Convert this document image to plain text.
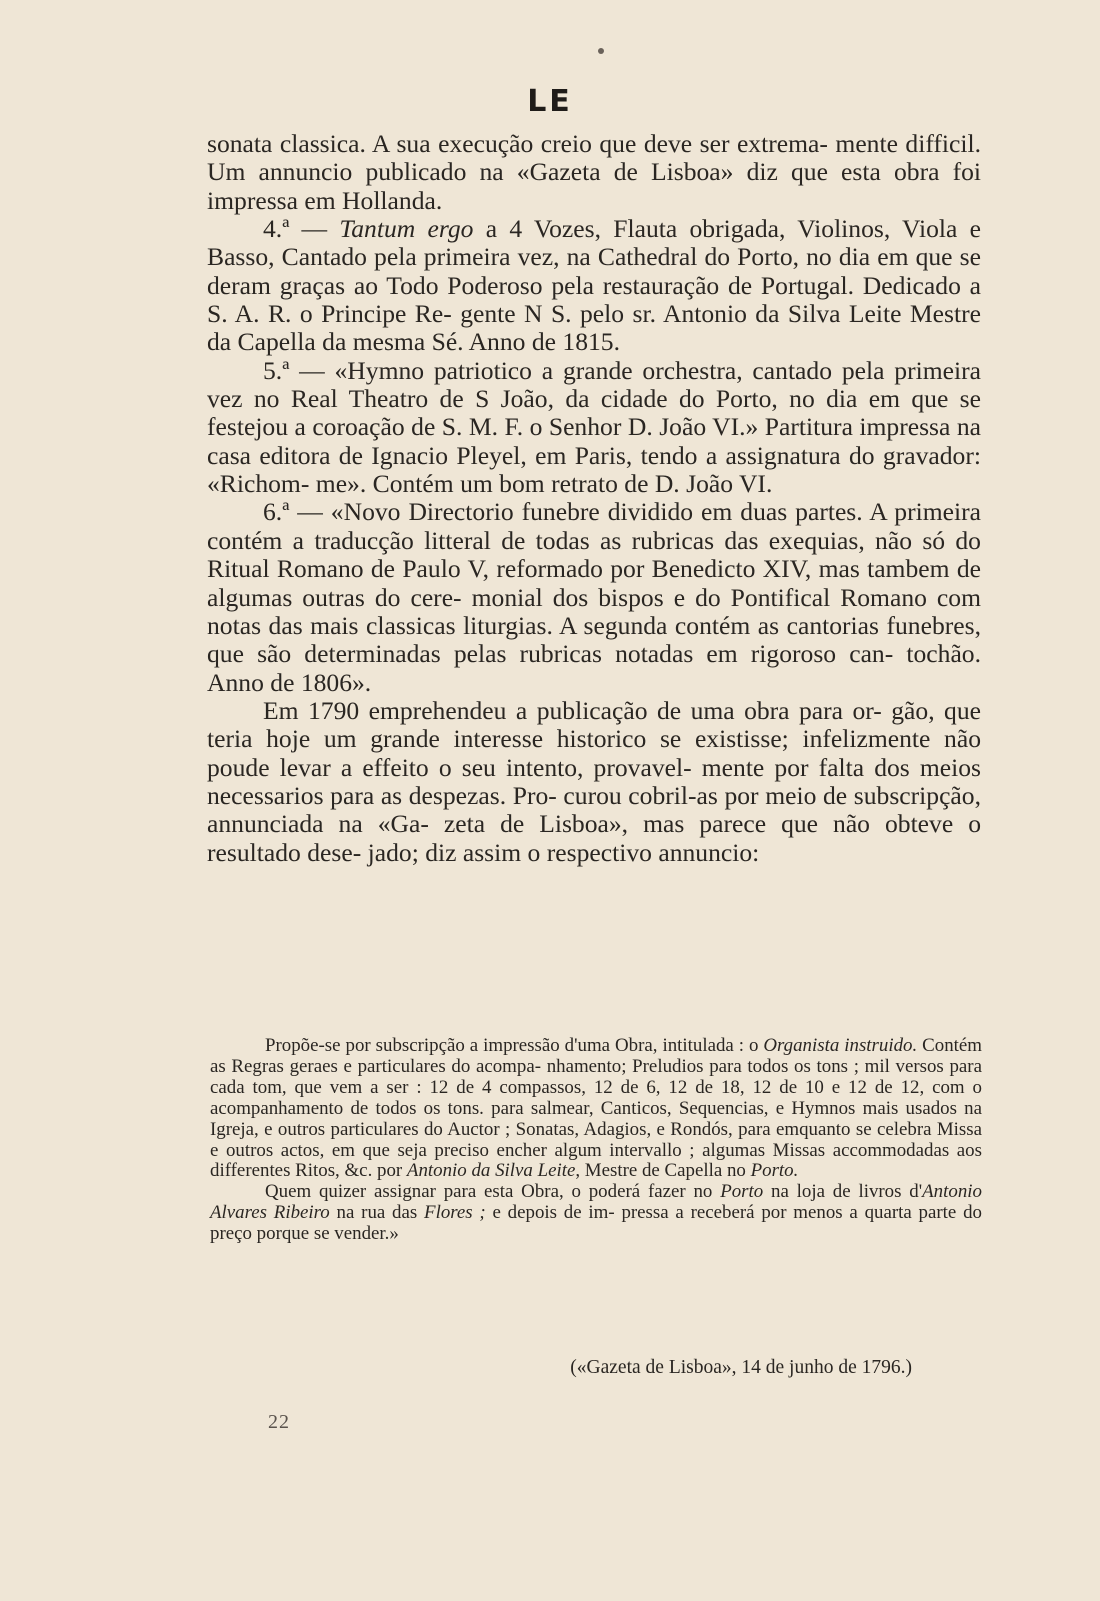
LE

sonata classica. A sua execução creio que deve ser extrema- mente difficil. Um annuncio publicado na «Gazeta de Lisboa» diz que esta obra foi impressa em Hollanda.

4.ª — Tantum ergo a 4 Vozes, Flauta obrigada, Violinos, Viola e Basso, Cantado pela primeira vez, na Cathedral do Porto, no dia em que se deram graças ao Todo Poderoso pela restauração de Portugal. Dedicado a S. A. R. o Principe Re- gente N S. pelo sr. Antonio da Silva Leite Mestre da Capella da mesma Sé. Anno de 1815.

5.ª — «Hymno patriotico a grande orchestra, cantado pela primeira vez no Real Theatro de S João, da cidade do Porto, no dia em que se festejou a coroação de S. M. F. o Senhor D. João VI.» Partitura impressa na casa editora de Ignacio Pleyel, em Paris, tendo a assignatura do gravador: «Richom- me». Contém um bom retrato de D. João VI.

6.ª — «Novo Directorio funebre dividido em duas partes. A primeira contém a traducção litteral de todas as rubricas das exequias, não só do Ritual Romano de Paulo V, reformado por Benedicto XIV, mas tambem de algumas outras do cere- monial dos bispos e do Pontifical Romano com notas das mais classicas liturgias. A segunda contém as cantorias funebres, que são determinadas pelas rubricas notadas em rigoroso can- tochão. Anno de 1806».

Em 1790 emprehendeu a publicação de uma obra para or- gão, que teria hoje um grande interesse historico se existisse; infelizmente não poude levar a effeito o seu intento, provavel- mente por falta dos meios necessarios para as despezas. Pro- curou cobril-as por meio de subscripção, annunciada na «Ga- zeta de Lisboa», mas parece que não obteve o resultado dese- jado; diz assim o respectivo annuncio:

Propõe-se por subscripção a impressão d'uma Obra, intitulada : o Organista instruido. Contém as Regras geraes e particulares do acompa- nhamento; Preludios para todos os tons ; mil versos para cada tom, que vem a ser : 12 de 4 compassos, 12 de 6, 12 de 18, 12 de 10 e 12 de 12, com o acompanhamento de todos os tons. para salmear, Canticos, Sequencias, e Hymnos mais usados na Igreja, e outros particulares do Auctor ; Sonatas, Adagios, e Rondós, para emquanto se celebra Missa e outros actos, em que seja preciso encher algum intervallo ; algumas Missas accommodadas aos differentes Ritos, &c. por Antonio da Silva Leite, Mestre de Capella no Porto.

Quem quizer assignar para esta Obra, o poderá fazer no Porto na loja de livros d'Antonio Alvares Ribeiro na rua das Flores ; e depois de im- pressa a receberá por menos a quarta parte do preço porque se vender.»

(«Gazeta de Lisboa», 14 de junho de 1796.)
22
